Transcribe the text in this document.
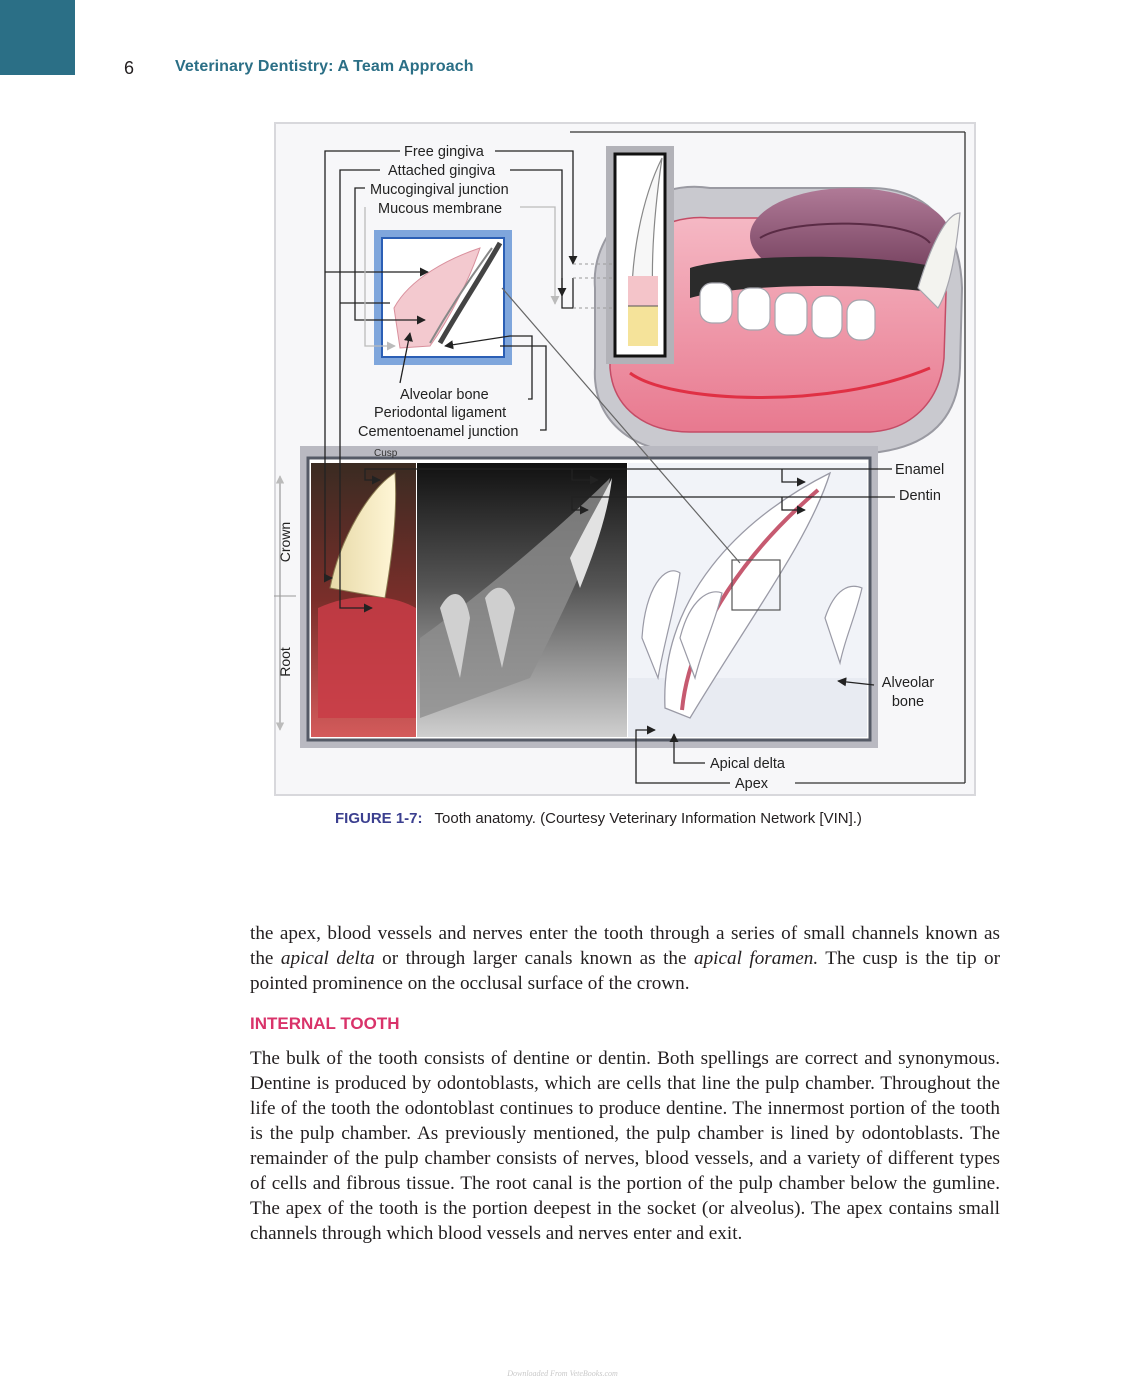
6	Veterinary Dentistry: A Team Approach
Crown
Root
Free gingiva
Attached gingiva
Mucogingival junction
Mucous membrane
Alveolar bone
Periodontal ligament
Cementoenamel junction
Enamel
Dentin
Alveolar
bone
Apical delta
Apex
Cusp
FIGURE 1-7: Tooth anatomy. (Courtesy Veterinary Information Network [VIN].)

the apex, blood vessels and nerves enter the tooth through a series of small channels known as the apical delta or through larger canals known as the apical foramen. The cusp is the tip or pointed prominence on the occlusal surface of the crown.

INTERNAL TOOTH

The bulk of the tooth consists of dentine or dentin. Both spellings are correct and synonymous. Dentine is produced by odontoblasts, which are cells that line the pulp chamber. Throughout the life of the tooth the odontoblast continues to produce dentine. The innermost portion of the tooth is the pulp chamber. As previously mentioned, the pulp chamber is lined by odontoblasts. The remainder of the pulp chamber consists of nerves, blood vessels, and a variety of different types of cells and fibrous tissue. The root canal is the portion of the pulp chamber below the gumline. The apex of the tooth is the portion deepest in the socket (or alveolus). The apex contains small channels through which blood vessels and nerves enter and exit.

Downloaded From VeteBooks.com
